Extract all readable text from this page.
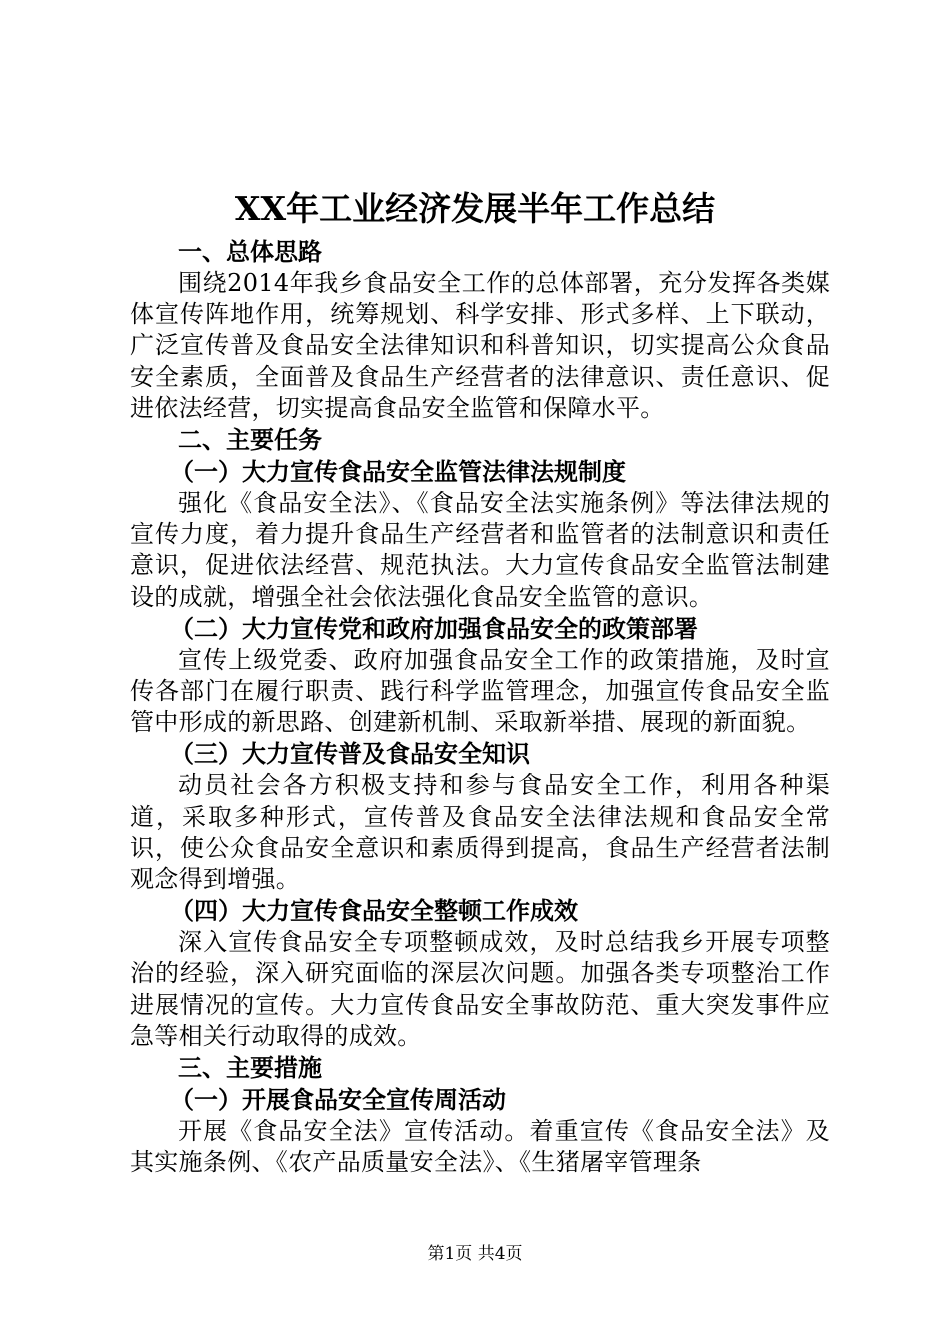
XX年工业经济发展半年工作总结
一、总体思路

围绕2014年我乡食品安全工作的总体部署，充分发挥各类媒体宣传阵地作用，统筹规划、科学安排、形式多样、上下联动，广泛宣传普及食品安全法律知识和科普知识，切实提高公众食品安全素质，全面普及食品生产经营者的法律意识、责任意识、促进依法经营，切实提高食品安全监管和保障水平。

二、主要任务
（一）大力宣传食品安全监管法律法规制度

强化《食品安全法》、《食品安全法实施条例》等法律法规的宣传力度，着力提升食品生产经营者和监管者的法制意识和责任意识，促进依法经营、规范执法。大力宣传食品安全监管法制建设的成就，增强全社会依法强化食品安全监管的意识。

（二）大力宣传党和政府加强食品安全的政策部署

宣传上级党委、政府加强食品安全工作的政策措施，及时宣传各部门在履行职责、践行科学监管理念，加强宣传食品安全监管中形成的新思路、创建新机制、采取新举措、展现的新面貌。

（三）大力宣传普及食品安全知识

动员社会各方积极支持和参与食品安全工作，利用各种渠道，采取多种形式，宣传普及食品安全法律法规和食品安全常识，使公众食品安全意识和素质得到提高，食品生产经营者法制观念得到增强。

（四）大力宣传食品安全整顿工作成效

深入宣传食品安全专项整顿成效，及时总结我乡开展专项整治的经验，深入研究面临的深层次问题。加强各类专项整治工作进展情况的宣传。大力宣传食品安全事故防范、重大突发事件应急等相关行动取得的成效。

三、主要措施
（一）开展食品安全宣传周活动

开展《食品安全法》宣传活动。着重宣传《食品安全法》及其实施条例、《农产品质量安全法》、《生猪屠宰管理条

第1页 共4页
